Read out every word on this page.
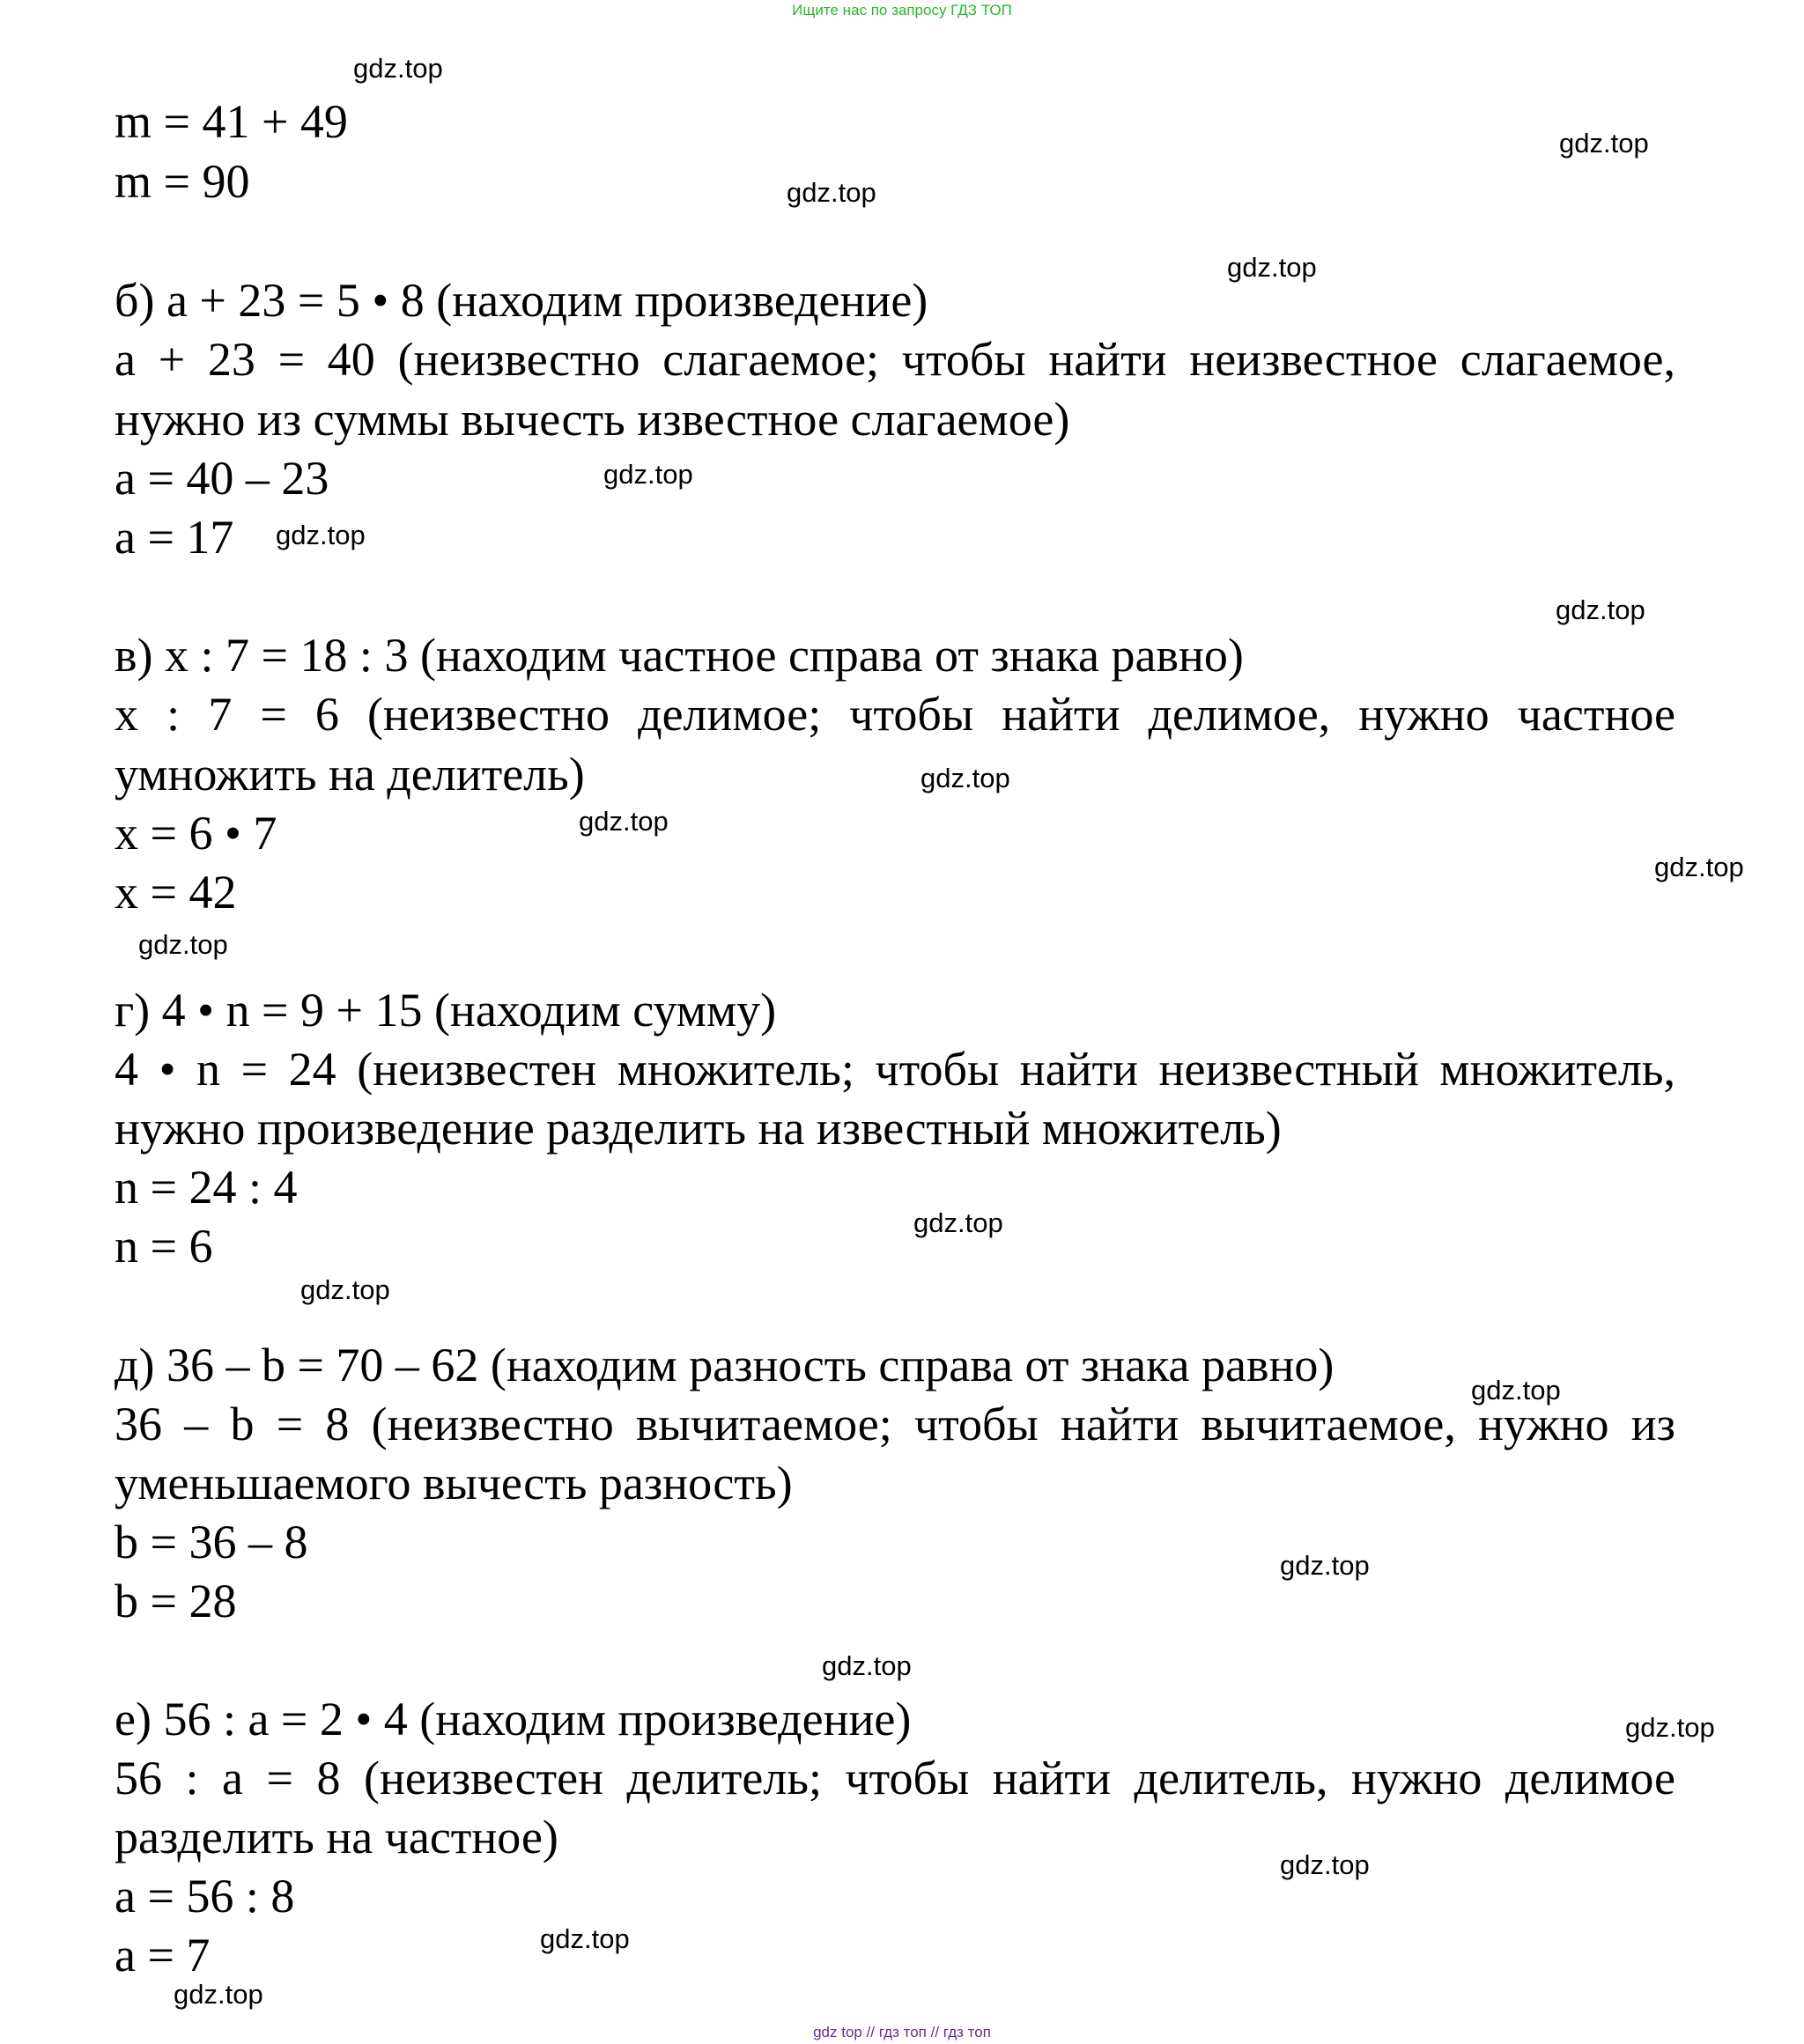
Ищите нас по запросу ГДЗ ТОП
m = 41 + 49
m = 90
б) a + 23 = 5 • 8 (находим произведение)
a + 23 = 40 (неизвестно слагаемое; чтобы найти неизвестное слагаемое,
нужно из суммы вычесть известное слагаемое)
a = 40 – 23
a = 17
в) x : 7 = 18 : 3 (находим частное справа от знака равно)
x : 7 = 6 (неизвестно делимое; чтобы найти делимое, нужно частное
умножить на делитель)
x = 6 • 7
x = 42
г) 4 • n = 9 + 15 (находим сумму)
4 • n = 24 (неизвестен множитель; чтобы найти неизвестный множитель,
нужно произведение разделить на известный множитель)
n = 24 : 4
n = 6
д) 36 – b = 70 – 62 (находим разность справа от знака равно)
36 – b = 8 (неизвестно вычитаемое; чтобы найти вычитаемое, нужно из
уменьшаемого вычесть разность)
b = 36 – 8
b = 28
е) 56 : a = 2 • 4 (находим произведение)
56 : a = 8 (неизвестен делитель; чтобы найти делитель, нужно делимое
разделить на частное)
a = 56 : 8
a = 7
gdz.top
gdz.top
gdz.top
gdz.top
gdz.top
gdz.top
gdz.top
gdz.top
gdz.top
gdz.top
gdz.top
gdz.top
gdz.top
gdz.top
gdz.top
gdz.top
gdz.top
gdz.top
gdz.top
gdz.top
gdz top // гдз топ // гдз топ
